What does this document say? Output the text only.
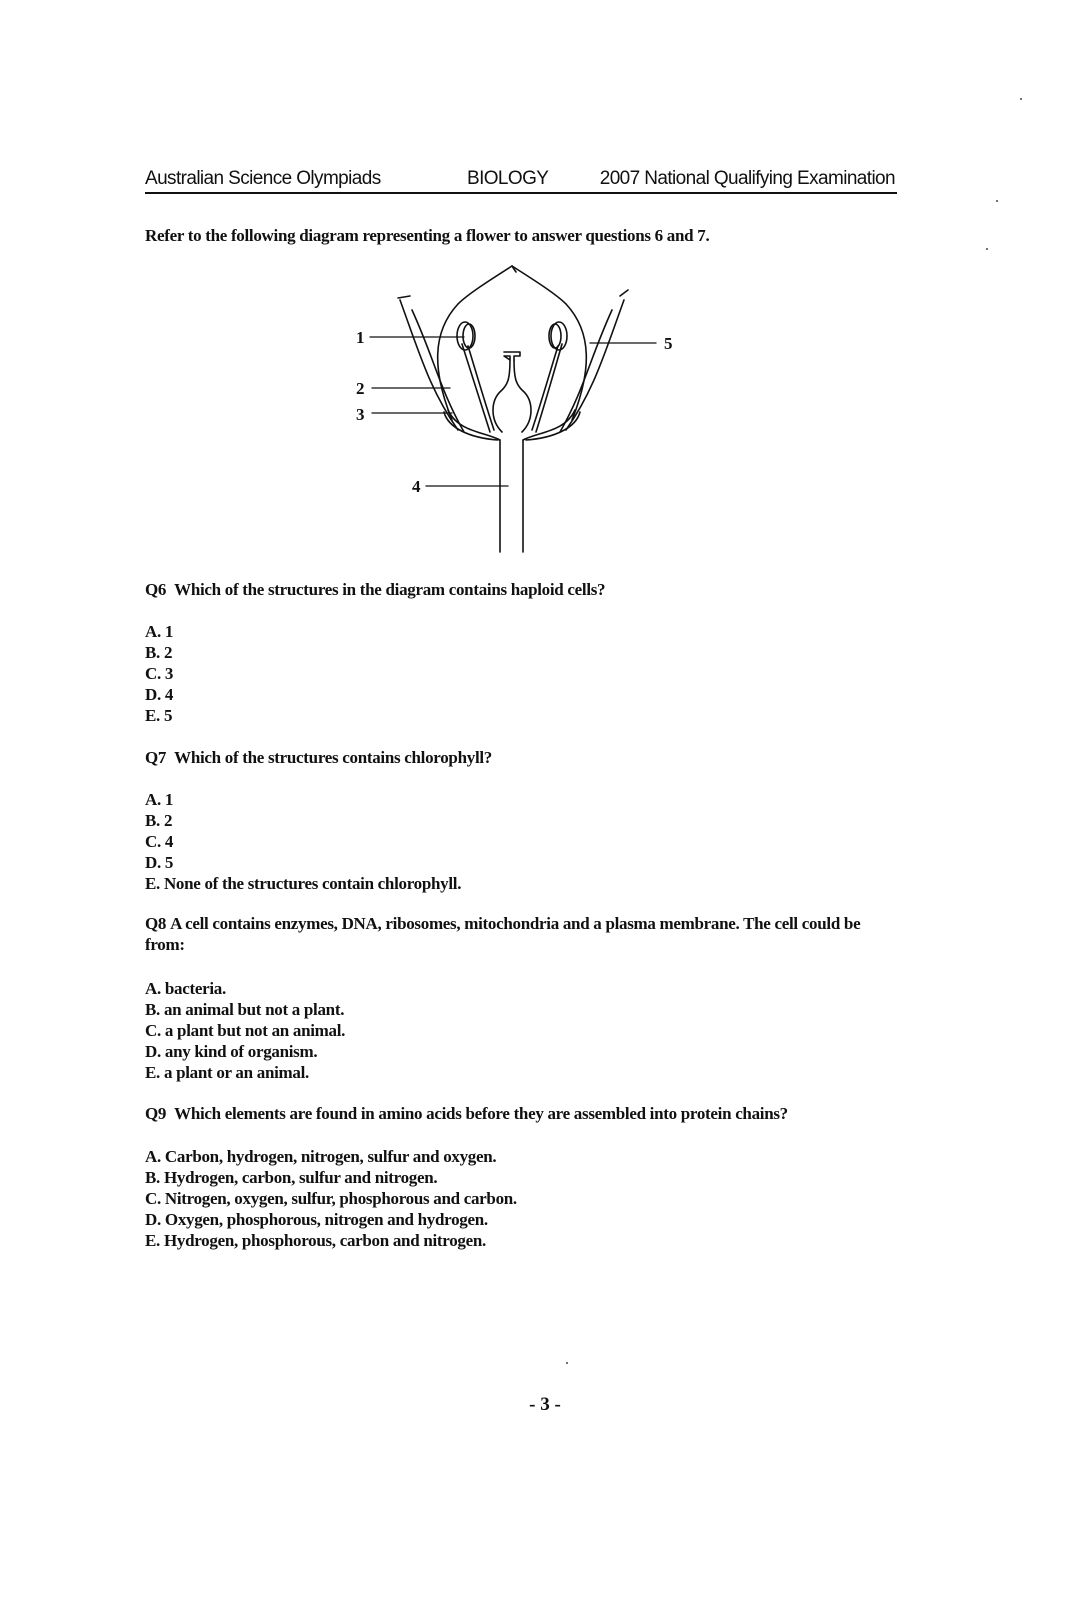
Australian Science Olympiads	BIOLOGY	2007 National Qualifying Examination
Refer to the following diagram representing a flower to answer questions 6 and 7.
1
2
3
4
5
Q6 Which of the structures in the diagram contains haploid cells?
A. 1
B. 2
C. 3
D. 4
E. 5
Q7 Which of the structures contains chlorophyll?
A. 1
B. 2
C. 4
D. 5
E. None of the structures contain chlorophyll.
Q8 A cell contains enzymes, DNA, ribosomes, mitochondria and a plasma membrane. The cell could be from:
A. bacteria.
B. an animal but not a plant.
C. a plant but not an animal.
D. any kind of organism.
E. a plant or an animal.
Q9 Which elements are found in amino acids before they are assembled into protein chains?
A. Carbon, hydrogen, nitrogen, sulfur and oxygen.
B. Hydrogen, carbon, sulfur and nitrogen.
C. Nitrogen, oxygen, sulfur, phosphorous and carbon.
D. Oxygen, phosphorous, nitrogen and hydrogen.
E. Hydrogen, phosphorous, carbon and nitrogen.
- 3 -
